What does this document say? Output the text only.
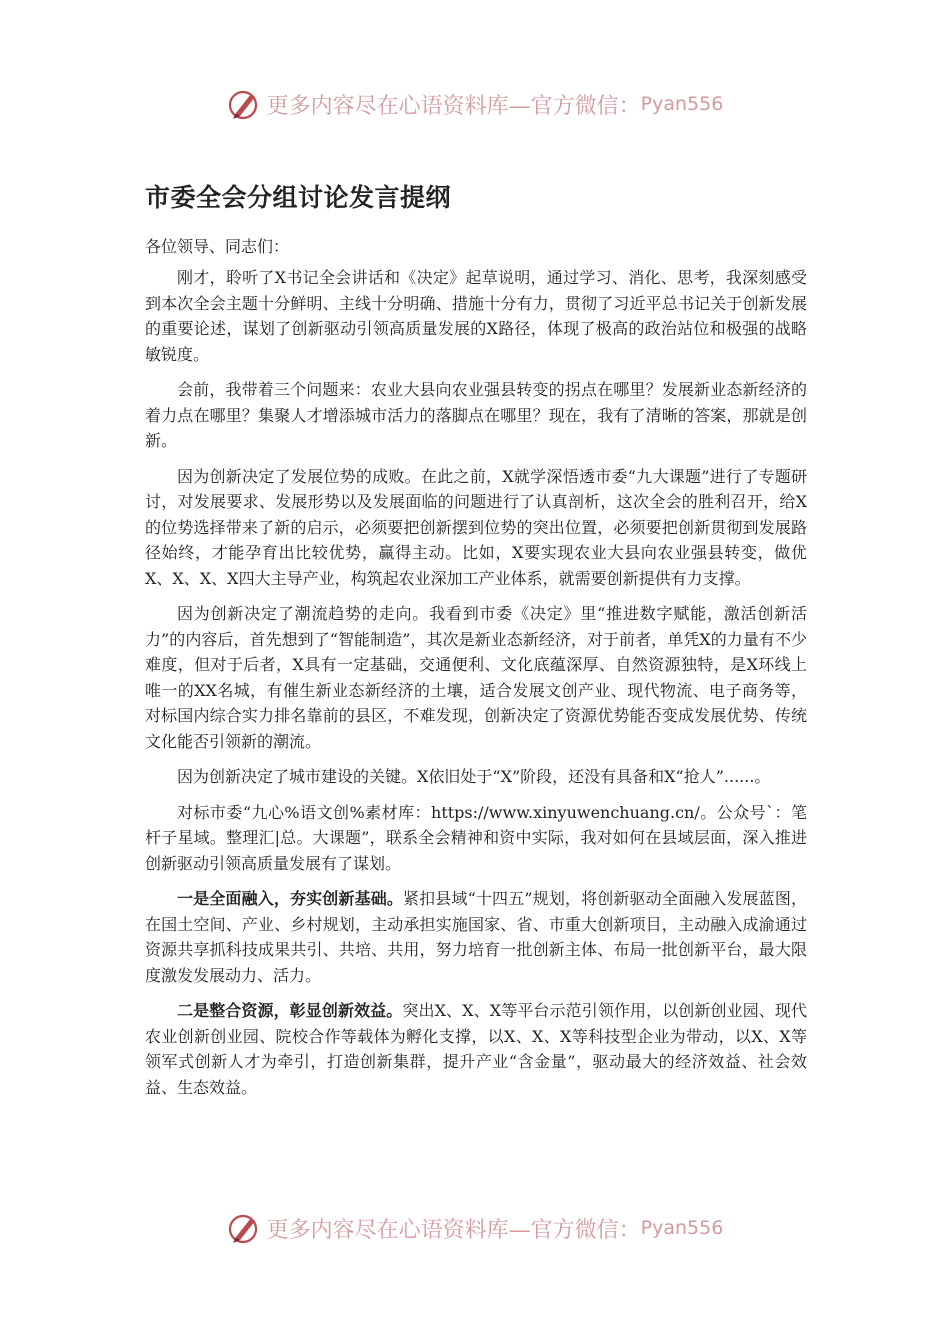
更多内容尽在心语资料库—官方微信： Pyan556
市委全会分组讨论发言提纲
各位领导、同志们：

刚才，聆听了X书记全会讲话和《决定》起草说明，通过学习、消化、思考，我深刻感受到本次全会主题十分鲜明、主线十分明确、措施十分有力，贯彻了习近平总书记关于创新发展的重要论述，谋划了创新驱动引领高质量发展的X路径，体现了极高的政治站位和极强的战略敏锐度。

会前，我带着三个问题来：农业大县向农业强县转变的拐点在哪里？发展新业态新经济的着力点在哪里？集聚人才增添城市活力的落脚点在哪里？现在，我有了清晰的答案，那就是创新。

因为创新决定了发展位势的成败。在此之前，X就学深悟透市委“九大课题”进行了专题研讨，对发展要求、发展形势以及发展面临的问题进行了认真剖析，这次全会的胜利召开，给X的位势选择带来了新的启示，必须要把创新摆到位势的突出位置，必须要把创新贯彻到发展路径始终，才能孕育出比较优势，赢得主动。比如，X要实现农业大县向农业强县转变，做优X、X、X、X四大主导产业，构筑起农业深加工产业体系，就需要创新提供有力支撑。

因为创新决定了潮流趋势的走向。我看到市委《决定》里“推进数字赋能，激活创新活力”的内容后，首先想到了“智能制造”，其次是新业态新经济，对于前者，单凭X的力量有不少难度，但对于后者，X具有一定基础，交通便利、文化底蕴深厚、自然资源独特，是X环线上唯一的XX名城，有催生新业态新经济的土壤，适合发展文创产业、现代物流、电子商务等，对标国内综合实力排名靠前的县区，不难发现，创新决定了资源优势能否变成发展优势、传统文化能否引领新的潮流。

因为创新决定了城市建设的关键。X依旧处于“X”阶段，还没有具备和X“抢人”......。

对标市委“九心%语文创%素材库：https://www.xinyuwenchuang.cn/。公众号`：笔杆子星域。整理汇|总。大课题”，联系全会精神和资中实际，我对如何在县域层面，深入推进创新驱动引领高质量发展有了谋划。

一是全面融入，夯实创新基础。紧扣县域“十四五”规划，将创新驱动全面融入发展蓝图，在国土空间、产业、乡村规划，主动承担实施国家、省、市重大创新项目，主动融入成渝通过资源共享抓科技成果共引、共培、共用，努力培育一批创新主体、布局一批创新平台，最大限度激发发展动力、活力。

二是整合资源，彰显创新效益。突出X、X、X等平台示范引领作用，以创新创业园、现代农业创新创业园、院校合作等载体为孵化支撑，以X、X、X等科技型企业为带动，以X、X等领军式创新人才为牵引，打造创新集群，提升产业“含金量”，驱动最大的经济效益、社会效益、生态效益。

更多内容尽在心语资料库—官方微信： Pyan556
